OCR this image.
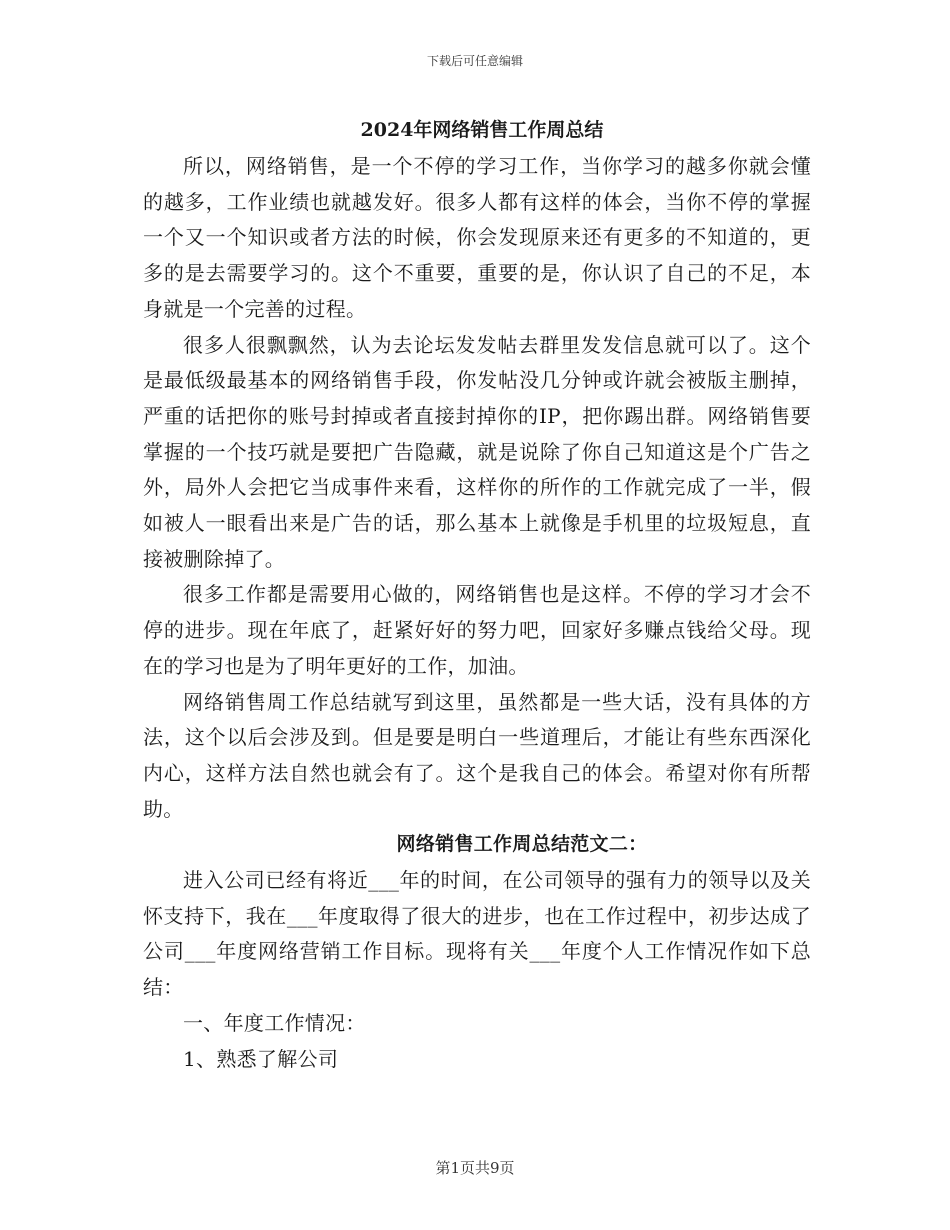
下载后可任意编辑
2024年网络销售工作周总结

所以，网络销售，是一个不停的学习工作，当你学习的越多你就会懂的越多，工作业绩也就越发好。很多人都有这样的体会，当你不停的掌握一个又一个知识或者方法的时候，你会发现原来还有更多的不知道的，更多的是去需要学习的。这个不重要，重要的是，你认识了自己的不足，本身就是一个完善的过程。

很多人很飘飘然，认为去论坛发发帖去群里发发信息就可以了。这个是最低级最基本的网络销售手段，你发帖没几分钟或许就会被版主删掉，严重的话把你的账号封掉或者直接封掉你的IP，把你踢出群。网络销售要掌握的一个技巧就是要把广告隐藏，就是说除了你自己知道这是个广告之外，局外人会把它当成事件来看，这样你的所作的工作就完成了一半，假如被人一眼看出来是广告的话，那么基本上就像是手机里的垃圾短息，直接被删除掉了。

很多工作都是需要用心做的，网络销售也是这样。不停的学习才会不停的进步。现在年底了，赶紧好好的努力吧，回家好多赚点钱给父母。现在的学习也是为了明年更好的工作，加油。

网络销售周工作总结就写到这里，虽然都是一些大话，没有具体的方法，这个以后会涉及到。但是要是明白一些道理后，才能让有些东西深化内心，这样方法自然也就会有了。这个是我自己的体会。希望对你有所帮助。

网络销售工作周总结范文二：

进入公司已经有将近___年的时间，在公司领导的强有力的领导以及关怀支持下，我在___年度取得了很大的进步，也在工作过程中，初步达成了公司___年度网络营销工作目标。现将有关___年度个人工作情况作如下总结：

一、年度工作情况：

1、熟悉了解公司

第1页共9页
